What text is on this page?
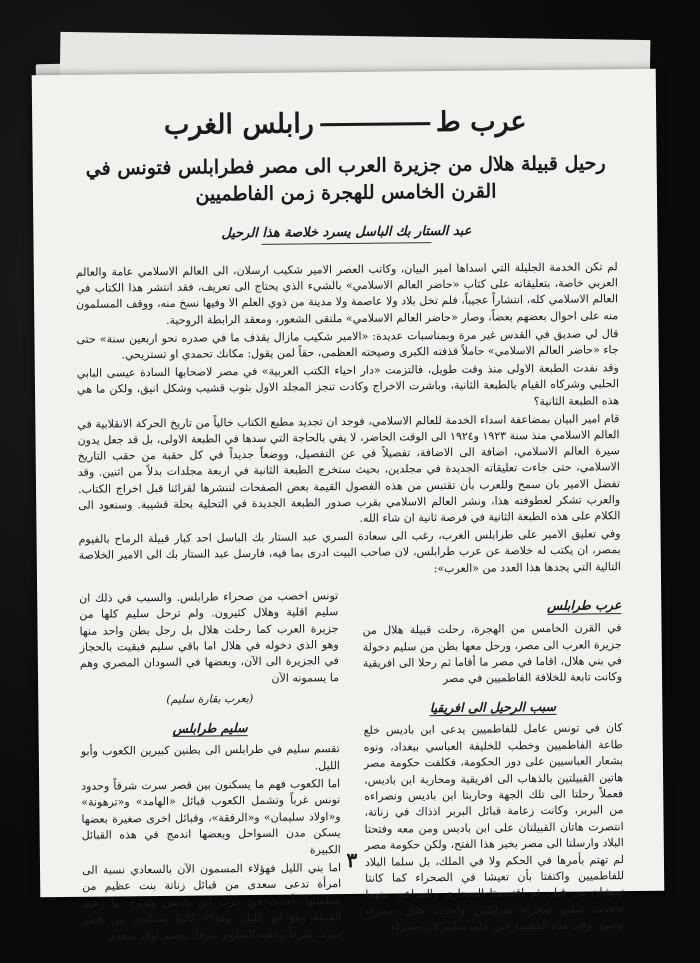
عرب طرابلس الغرب
رحيل قبيلة هلال من جزيرة العرب الى مصر فطرابلس فتونس في القرن الخامس للهجرة زمن الفاطميين
عبد الستار بك الباسل يسرد خلاصة هذا الرحيل

لم تكن الخدمة الجليلة التي اسداها امير البيان، وكاتب العصر الامير شكيب ارسلان، الى العالم الاسلامي عامة والعالم العربي خاصة، بتعليقاته على كتاب «حاضر العالم الاسلامي» بالشيء الذي يحتاج الى تعريف، فقد انتشر هذا الكتاب في العالم الاسلامي كله، انتشاراً عجيباً، فلم تخل بلاد ولا عاصمة ولا مدينة من ذوي العلم الا وفيها نسخ منه، ووقف المسلمون منه على احوال بعضهم بعضاً، وصار «حاضر العالم الاسلامي» ملتقى الشعور، ومعقد الرابطة الروحية.

قال لي صديق في القدس غير مرة وبمناسبات عديدة: «الامير شكيب مازال يقذف ما في صدره نحو اربعين سنة» حتى جاء «حاضر العالم الاسلامي» حاملاً قذفته الكبرى وصيحته العظمى، حقاً لمن يقول: مكانك تحمدي او تستريحي.

وقد نفدت الطبعة الاولى منذ وقت طويل، فالتزمت «دار احياء الكتب العربية» في مصر لاصحابها السادة عيسى البابي الحلبي وشركاه القيام بالطبعة الثانية، وباشرت الاخراج وكادت تنجز المجلد الاول بثوب قشيب وشكل انيق، ولكن ما هي هذه الطبعة الثانية؟

قام امير البيان بمضاعفة اسداء الخدمة للعالم الاسلامي، فوجد ان تجديد مطبع الكتاب خالياً من تاريخ الحركة الانقلابية في العالم الاسلامي منذ سنة ١٩٢٣ و١٩٢٤ الى الوقت الحاضر، لا يفي بالحاجة التي سدها في الطبعة الاولى، بل قد جعل يدون سيرة العالم الاسلامي، اضافة الى الاضافة، تفصيلاً في عن التفصيل، ووضعاً جديداً في كل حقبة من حقب التاريخ الاسلامي، حتى جاءت تعليقاته الجديدة في مجلدين، بحيث ستخرج الطبعة الثانية في اربعة مجلدات بدلاً من اثنين. وقد تفضل الامير بان سمح وللعرب بأن تقتبس من هذه الفصول القيمة بعض الصفحات لننشرها لقرائنا قبل اخراج الكتاب. والعرب تشكر لعطوفته هذا، ونشر العالم الاسلامي بقرب صدور الطبعة الجديدة في التحلية بحلة قشيبة. وسنعود الى الكلام على هذه الطبعة الثانية في فرصة ثانية ان شاء الله.

وفي تعليق الامير على طرابلس الغرب، رغب الى سعادة السري عبد الستار بك الباسل احد كبار قبيلة الرماح بالفيوم بمصر، ان يكتب له خلاصة عن عرب طرابلس، لان صاحب البيت ادرى بما فيه، فارسل عبد الستار بك الى الامير الخلاصة التالية التي يجدها هذا العدد من «العرب»:

عرب طرابلس

في القرن الخامس من الهجرة، رحلت قبيلة هلال من جزيرة العرب الى مصر، ورحل معها بطن من سليم دخولة في بني هلال، اقاما في مصر ما أقاما ثم رحلا الى افريقية وكانت تابعة للخلافة الفاطميين في مصر

سبب الرحيل الى افريقيا

كان في تونس عامل للفاطميين يدعى ابن باديس خلع طاعة الفاطميين وخطب للخليفة العباسي ببغداد، ونوه بشعار العباسيين على دور الحكومة، فكلفت حكومة مصر هاتين القبيلتين بالذهاب الى افريقية ومحاربة ابن باديس، فعملاً رحلتا الى تلك الجهة وحاربتا ابن باديس ونصراءه من البربر، وكانت زعامة قبائل البربر اذذاك في زناتة، انتصرت هاتان القبيلتان على ابن باديس ومن معه وفتحتا البلاد وارسلتا الى مصر بخبر هذا الفتح، ولكن حكومة مصر لم تهتم بأمرها في الحكم ولا في الملك، بل سلما البلاد للفاطميين واكتفتا بأن تعيشا في الصحراء كما كانتا تعيشان من قبل، ثم اقتسمتا الصحاري والمراعي بينهما فأخذت سليم صحراء طرابلس وأخذت هلال صحراء تونس، وفي هذه القسمة غبن على سليم لان صحراء

تونس اخصب من صحراء طرابلس. والسبب في ذلك ان سليم اقلية وهلال كثيرون. ولم ترحل سليم كلها من جزيرة العرب كما رحلت هلال بل رحل بطن واحد منها وهو الذي دخوله في هلال اما باقي سليم فبقيت بالحجاز في الجزيرة الى الآن، وبعضها في السودان المصري وهم ما يسمونه الآن

(بعرب بقارة سليم)
سليم طرابلس

تقسم سليم في طرابلس الى بطنين كبيرين الكعوب وأبو الليل.

اما الكعوب فهم ما يسكنون بين قصر سرت شرقاً وحدود تونس غرباً وتشمل الكعوب قبائل «الهامد» و«ترهونة» و«اولاد سليمان» و«الرفقة»، وقبائل اخرى صغيرة بعضها يسكن مدن السواحل وبعضها اندمج في هذه القبائل الكبيرة

اما بني الليل فهؤلاء المسمون الآن بالسعادي نسبة الى امرأة تدعى سعدى من قبائل زناتة بنت عظيم من عظمائها، أخذت في حرب ابن باديس وتزوج بها زعيم القبيلة وهو ابو الليل، وهؤلاء كانوا يسكنون بين قصر سرت شرقاً وعقبة السلوم شرقاً. يقسم اولاد سعدى

٣
